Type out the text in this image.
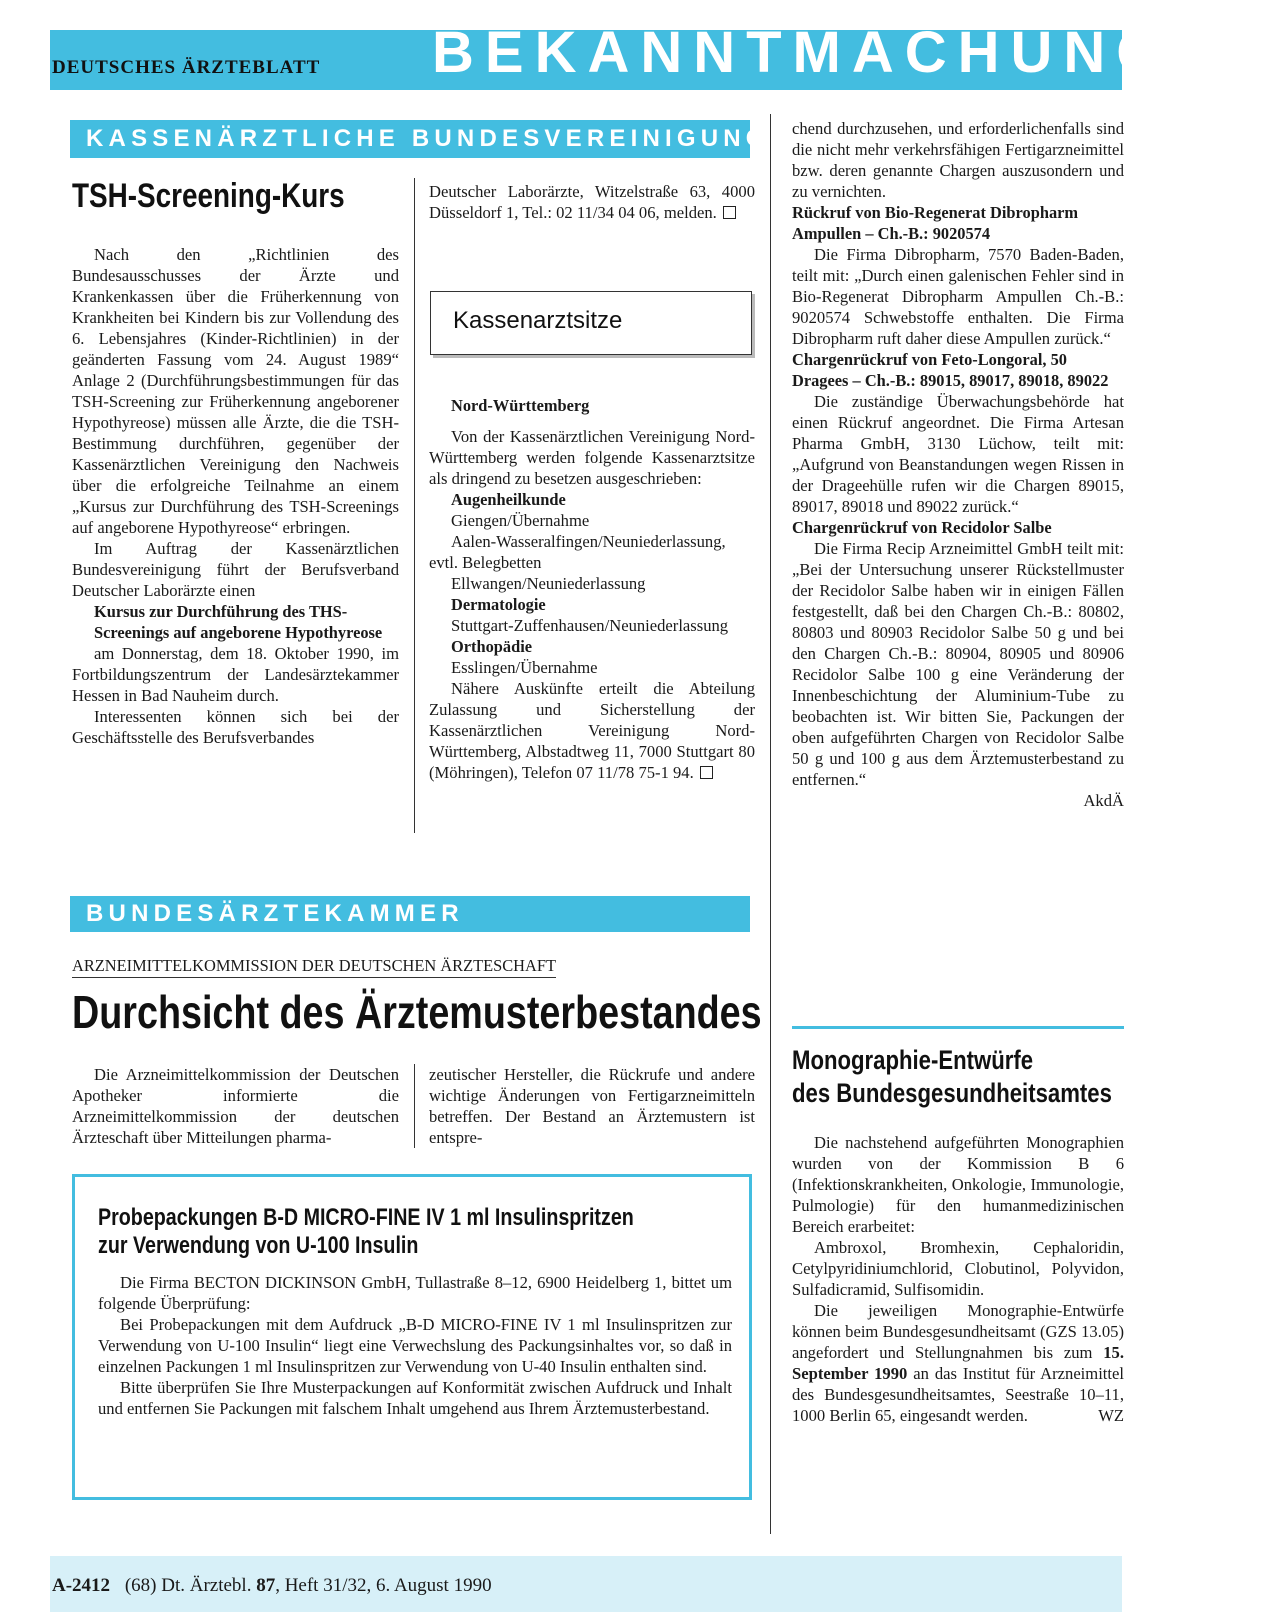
BEKANNTMACHUNGEN
DEUTSCHES ÄRZTEBLATT
KASSENÄRZTLICHE BUNDESVEREINIGUNG
TSH-Screening-Kurs

Nach den „Richtlinien des Bundesausschusses der Ärzte und Krankenkassen über die Früherkennung von Krankheiten bei Kindern bis zur Vollendung des 6. Lebensjahres (Kinder-Richtlinien) in der geänderten Fassung vom 24. August 1989“ Anlage 2 (Durchführungsbestimmungen für das TSH-Screening zur Früherkennung angeborener Hypothyreose) müssen alle Ärzte, die die TSH-Bestimmung durchführen, gegenüber der Kassenärztlichen Vereinigung den Nachweis über die erfolgreiche Teilnahme an einem „Kursus zur Durchführung des TSH-Screenings auf angeborene Hypothyreose“ erbringen.

Im Auftrag der Kassenärztlichen Bundesvereinigung führt der Berufsverband Deutscher Laborärzte einen

Kursus zur Durchführung des THS-Screenings auf angeborene Hypothyreose

am Donnerstag, dem 18. Oktober 1990, im Fortbildungszentrum der Landesärztekammer Hessen in Bad Nauheim durch.

Interessenten können sich bei der Geschäftsstelle des Berufsverbandes

Deutscher Laborärzte, Witzelstraße 63, 4000 Düsseldorf 1, Tel.: 02 11/34 04 06, melden.

Kassenarztsitze

Nord-Württemberg

Von der Kassenärztlichen Vereinigung Nord-Württemberg werden folgende Kassenarztsitze als dringend zu besetzen ausgeschrieben:

Augenheilkunde

Giengen/Übernahme

Aalen-Wasseralfingen/Neuniederlassung, evtl. Belegbetten

Ellwangen/Neuniederlassung

Dermatologie

Stuttgart-Zuffenhausen/Neuniederlassung

Orthopädie

Esslingen/Übernahme

Nähere Auskünfte erteilt die Abteilung Zulassung und Sicherstellung der Kassenärztlichen Vereinigung Nord-Württemberg, Albstadtweg 11, 7000 Stuttgart 80 (Möhringen), Telefon 07 11/78 75-1 94.

BUNDESÄRZTEKAMMER
ARZNEIMITTELKOMMISSION DER DEUTSCHEN ÄRZTESCHAFT
Durchsicht des Ärztemusterbestandes

Die Arzneimittelkommission der Deutschen Apotheker informierte die Arzneimittelkommission der deutschen Ärzteschaft über Mitteilungen pharma-

zeutischer Hersteller, die Rückrufe und andere wichtige Änderungen von Fertigarzneimitteln betreffen. Der Bestand an Ärztemustern ist entspre-

Probepackungen B-D MICRO-FINE IV 1 ml Insulinspritzen
zur Verwendung von U-100 Insulin

Die Firma BECTON DICKINSON GmbH, Tullastraße 8–12, 6900 Heidelberg 1, bittet um folgende Überprüfung:

Bei Probepackungen mit dem Aufdruck „B-D MICRO-FINE IV 1 ml Insulinspritzen zur Verwendung von U-100 Insulin“ liegt eine Verwechslung des Packungsinhaltes vor, so daß in einzelnen Packungen 1 ml Insulinspritzen zur Verwendung von U-40 Insulin enthalten sind.

Bitte überprüfen Sie Ihre Musterpackungen auf Konformität zwischen Aufdruck und Inhalt und entfernen Sie Packungen mit falschem Inhalt umgehend aus Ihrem Ärztemusterbestand.

chend durchzusehen, und erforderlichenfalls sind die nicht mehr verkehrsfähigen Fertigarzneimittel bzw. deren genannte Chargen auszusondern und zu vernichten.

Rückruf von Bio-Regenerat Dibropharm Ampullen – Ch.-B.: 9020574

Die Firma Dibropharm, 7570 Baden-Baden, teilt mit: „Durch einen galenischen Fehler sind in Bio-Regenerat Dibropharm Ampullen Ch.-B.: 9020574 Schwebstoffe enthalten. Die Firma Dibropharm ruft daher diese Ampullen zurück.“

Chargenrückruf von Feto-Longoral, 50 Dragees – Ch.-B.: 89015, 89017, 89018, 89022

Die zuständige Überwachungsbehörde hat einen Rückruf angeordnet. Die Firma Artesan Pharma GmbH, 3130 Lüchow, teilt mit: „Aufgrund von Beanstandungen wegen Rissen in der Drageehülle rufen wir die Chargen 89015, 89017, 89018 und 89022 zurück.“

Chargenrückruf von Recidolor Salbe

Die Firma Recip Arzneimittel GmbH teilt mit: „Bei der Untersuchung unserer Rückstellmuster der Recidolor Salbe haben wir in einigen Fällen festgestellt, daß bei den Chargen Ch.-B.: 80802, 80803 und 80903 Recidolor Salbe 50 g und bei den Chargen Ch.-B.: 80904, 80905 und 80906 Recidolor Salbe 100 g eine Veränderung der Innenbeschichtung der Aluminium-Tube zu beobachten ist. Wir bitten Sie, Packungen der oben aufgeführten Chargen von Recidolor Salbe 50 g und 100 g aus dem Ärztemusterbestand zu entfernen.“

AkdÄ

Monographie-Entwürfe
des Bundesgesundheitsamtes

Die nachstehend aufgeführten Monographien wurden von der Kommission B 6 (Infektionskrankheiten, Onkologie, Immunologie, Pulmologie) für den humanmedizinischen Bereich erarbeitet:

Ambroxol, Bromhexin, Cephaloridin, Cetylpyridiniumchlorid, Clobutinol, Polyvidon, Sulfadicramid, Sulfisomidin.

Die jeweiligen Monographie-Entwürfe können beim Bundesgesundheitsamt (GZS 13.05) angefordert und Stellungnahmen bis zum 15. September 1990 an das Institut für Arzneimittel des Bundesgesundheitsamtes, Seestraße 10–11, 1000 Berlin 65, eingesandt werden.	WZ

A-2412 (68) Dt. Ärztebl. 87, Heft 31/32, 6. August 1990
